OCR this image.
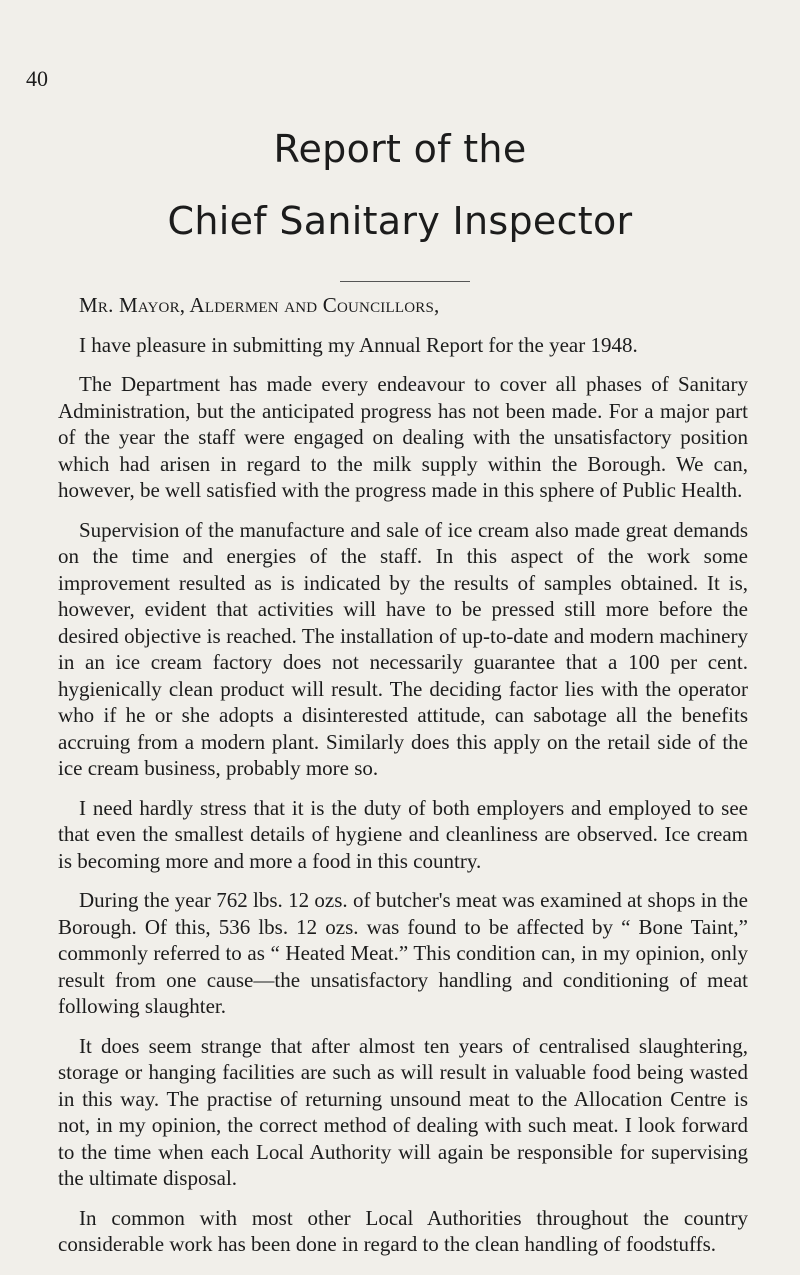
40
Report of the
Chief Sanitary Inspector

Mr. Mayor, Aldermen and Councillors,

I have pleasure in submitting my Annual Report for the year 1948.

The Department has made every endeavour to cover all phases of Sanitary Administration, but the anticipated progress has not been made. For a major part of the year the staff were engaged on dealing with the unsatisfactory position which had arisen in regard to the milk supply within the Borough. We can, however, be well satisfied with the progress made in this sphere of Public Health.

Supervision of the manufacture and sale of ice cream also made great demands on the time and energies of the staff. In this aspect of the work some improvement resulted as is indicated by the results of samples obtained. It is, however, evident that activities will have to be pressed still more before the desired objective is reached. The installation of up-to-date and modern machinery in an ice cream factory does not necessarily guarantee that a 100 per cent. hygienically clean product will result. The deciding factor lies with the operator who if he or she adopts a disinterested attitude, can sabotage all the benefits accruing from a modern plant. Similarly does this apply on the retail side of the ice cream business, probably more so.

I need hardly stress that it is the duty of both employers and employed to see that even the smallest details of hygiene and cleanliness are observed. Ice cream is becoming more and more a food in this country.

During the year 762 lbs. 12 ozs. of butcher's meat was examined at shops in the Borough. Of this, 536 lbs. 12 ozs. was found to be affected by “ Bone Taint,” commonly referred to as “ Heated Meat.” This condition can, in my opinion, only result from one cause—the unsatisfactory handling and conditioning of meat following slaughter.

It does seem strange that after almost ten years of centralised slaughtering, storage or hanging facilities are such as will result in valuable food being wasted in this way. The practise of returning unsound meat to the Allocation Centre is not, in my opinion, the correct method of dealing with such meat. I look forward to the time when each Local Authority will again be responsible for supervising the ultimate disposal.

In common with most other Local Authorities throughout the country considerable work has been done in regard to the clean handling of foodstuffs.
